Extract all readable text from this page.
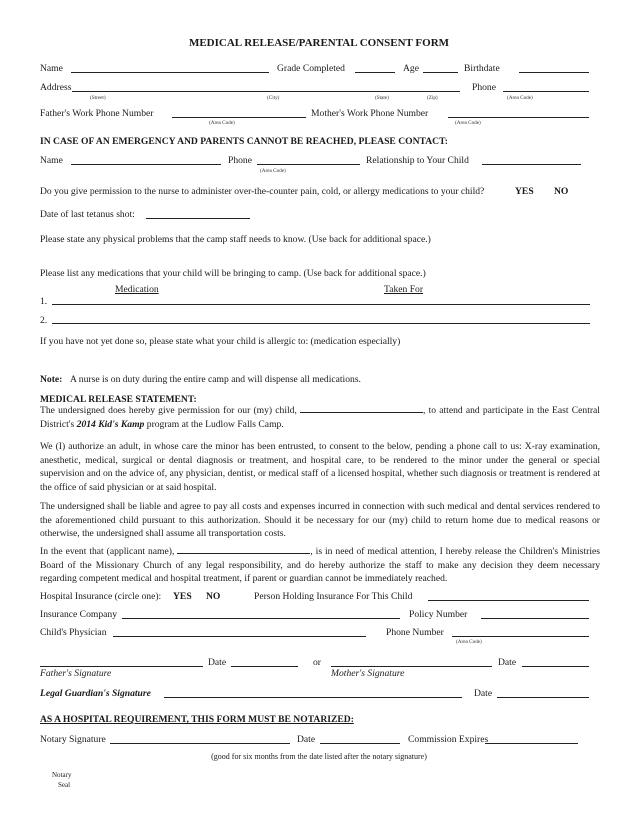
MEDICAL RELEASE/PARENTAL CONSENT FORM
Name	Grade Completed	Age	Birthdate
Address	Phone
(Street)	(City)	(State)	(Zip)	(Area Code)
Father's Work Phone Number	Mother's Work Phone Number
(Area Code)	(Area Code)
IN CASE OF AN EMERGENCY AND PARENTS CANNOT BE REACHED, PLEASE CONTACT:
Name	Phone	Relationship to Your Child
(Area Code)
Do you give permission to the nurse to administer over-the-counter pain, cold, or allergy medications to your child?	YES NO
Date of last tetanus shot:
Please state any physical problems that the camp staff needs to know. (Use back for additional space.)
Please list any medications that your child will be bringing to camp. (Use back for additional space.)
Medication	Taken For
1.
2.
If you have not yet done so, please state what your child is allergic to: (medication especially)
Note: A nurse is on duty during the entire camp and will dispense all medications.
MEDICAL RELEASE STATEMENT:
The undersigned does hereby give permission for our (my) child,	, to attend and participate in the East Central District's 2014 Kid's Kamp program at the Ludlow Falls Camp.
We (I) authorize an adult, in whose care the minor has been entrusted, to consent to the below, pending a phone call to us: X-ray examination, anesthetic, medical, surgical or dental diagnosis or treatment, and hospital care, to be rendered to the minor under the general or special supervision and on the advice of, any physician, dentist, or medical staff of a licensed hospital, whether such diagnosis or treatment is rendered at the office of said physician or at said hospital.
The undersigned shall be liable and agree to pay all costs and expenses incurred in connection with such medical and dental services rendered to the aforementioned child pursuant to this authorization. Should it be necessary for our (my) child to return home due to medical reasons or otherwise, the undersigned shall assume all transportation costs.
In the event that (applicant name),	, is in need of medical attention, I hereby release the Children's Ministries Board of the Missionary Church of any legal responsibility, and do hereby authorize the staff to make any decision they deem necessary regarding competent medical and hospital treatment, if parent or guardian cannot be immediately reached.
Hospital Insurance (circle one): YES NO	Person Holding Insurance For This Child
Insurance Company	Policy Number
Child's Physician	Phone Number
(Area Code)
Date	or	Date
Father's Signature	Mother's Signature
Legal Guardian's Signature	Date
AS A HOSPITAL REQUIREMENT, THIS FORM MUST BE NOTARIZED:
Notary Signature	Date	Commission Expires
(good for six months from the date listed after the notary signature)
Notary
Seal
